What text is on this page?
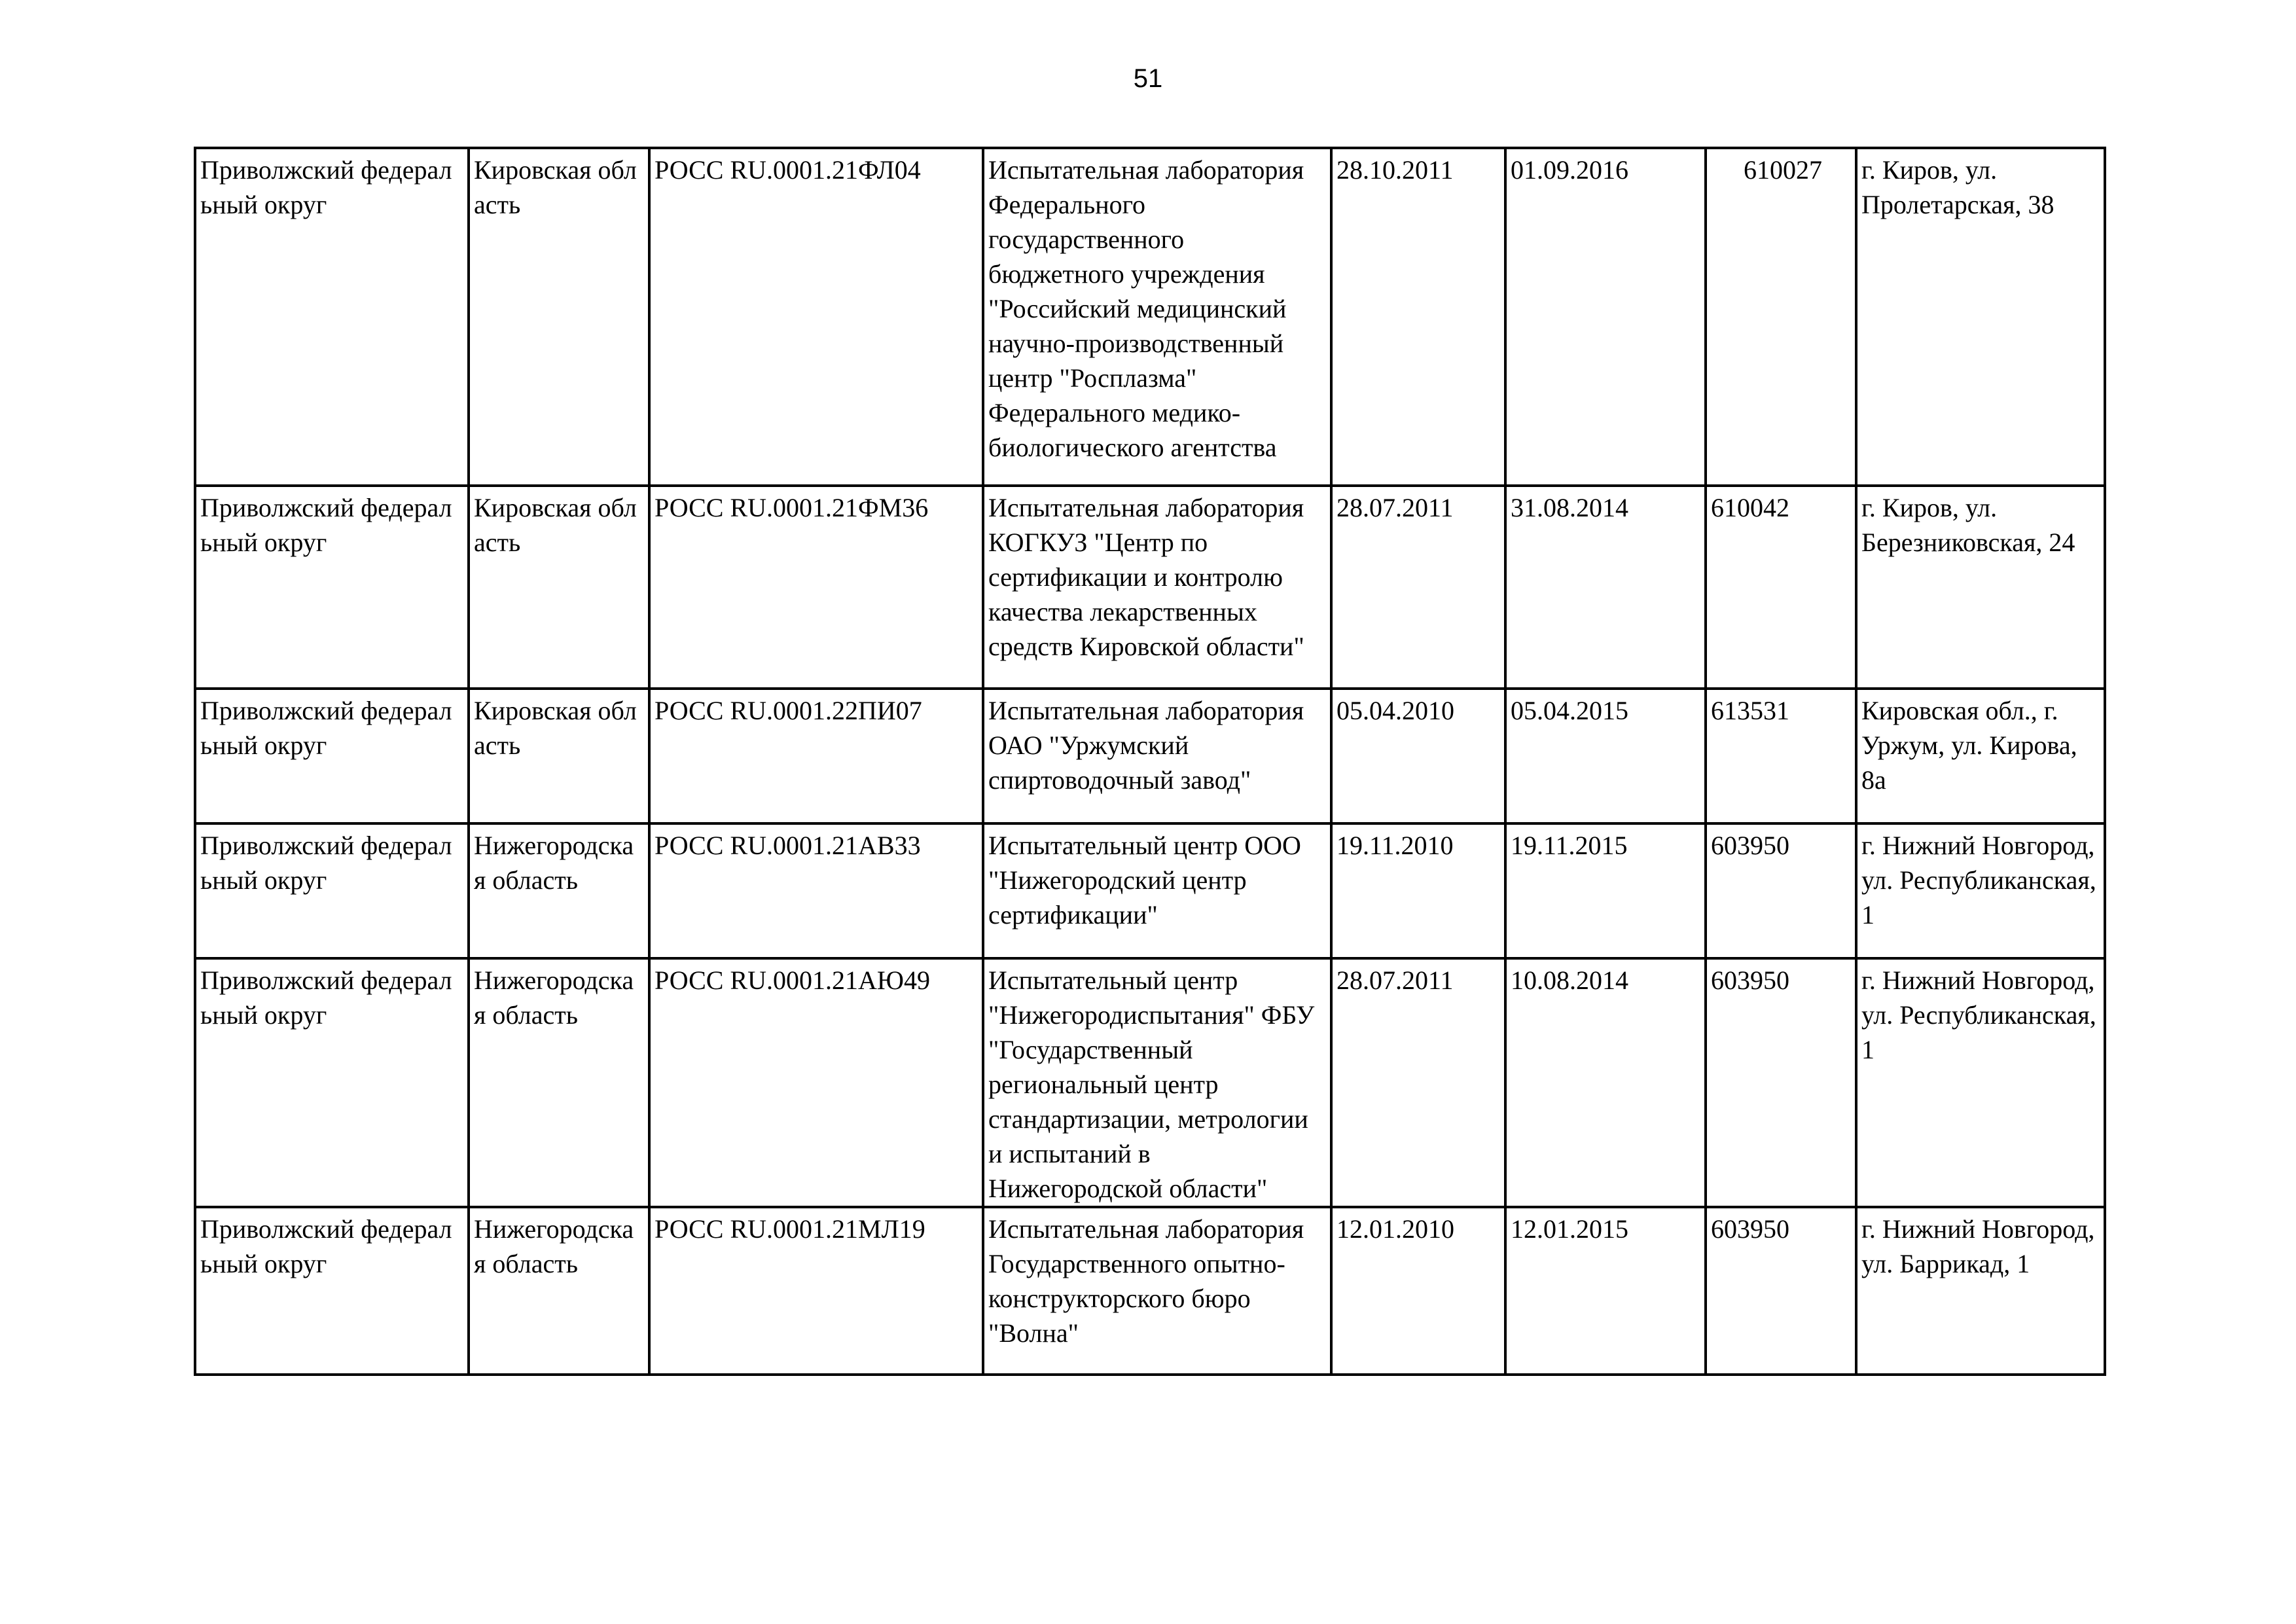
51
Приволжский федеральный округ	Кировская область	РОСС RU.0001.21ФЛ04	Испытательная лаборатория Федерального государственного бюджетного учреждения "Российский медицинский научно-производственный центр "Росплазма" Федерального медико-биологического агентства	28.10.2011	01.09.2016	610027	г. Киров, ул. Пролетарская, 38
Приволжский федеральный округ	Кировская область	РОСС RU.0001.21ФМ36	Испытательная лаборатория КОГКУЗ "Центр по сертификации и контролю качества лекарственных средств Кировской области"	28.07.2011	31.08.2014	610042	г. Киров, ул. Березниковская, 24
Приволжский федеральный округ	Кировская область	РОСС RU.0001.22ПИ07	Испытательная лаборатория ОАО "Уржумский спиртоводочный завод"	05.04.2010	05.04.2015	613531	Кировская обл., г. Уржум, ул. Кирова, 8а
Приволжский федеральный округ	Нижегородская область	РОСС RU.0001.21АВ33	Испытательный центр ООО "Нижегородский центр сертификации"	19.11.2010	19.11.2015	603950	г. Нижний Новгород, ул. Республиканская, 1
Приволжский федеральный округ	Нижегородская область	РОСС RU.0001.21АЮ49	Испытательный центр "Нижегородиспытания" ФБУ "Государственный региональный центр стандартизации, метрологии и испытаний в Нижегородской области"	28.07.2011	10.08.2014	603950	г. Нижний Новгород, ул. Республиканская, 1
Приволжский федеральный округ	Нижегородская область	РОСС RU.0001.21МЛ19	Испытательная лаборатория Государственного опытно-конструкторского бюро "Волна"	12.01.2010	12.01.2015	603950	г. Нижний Новгород, ул. Баррикад, 1
